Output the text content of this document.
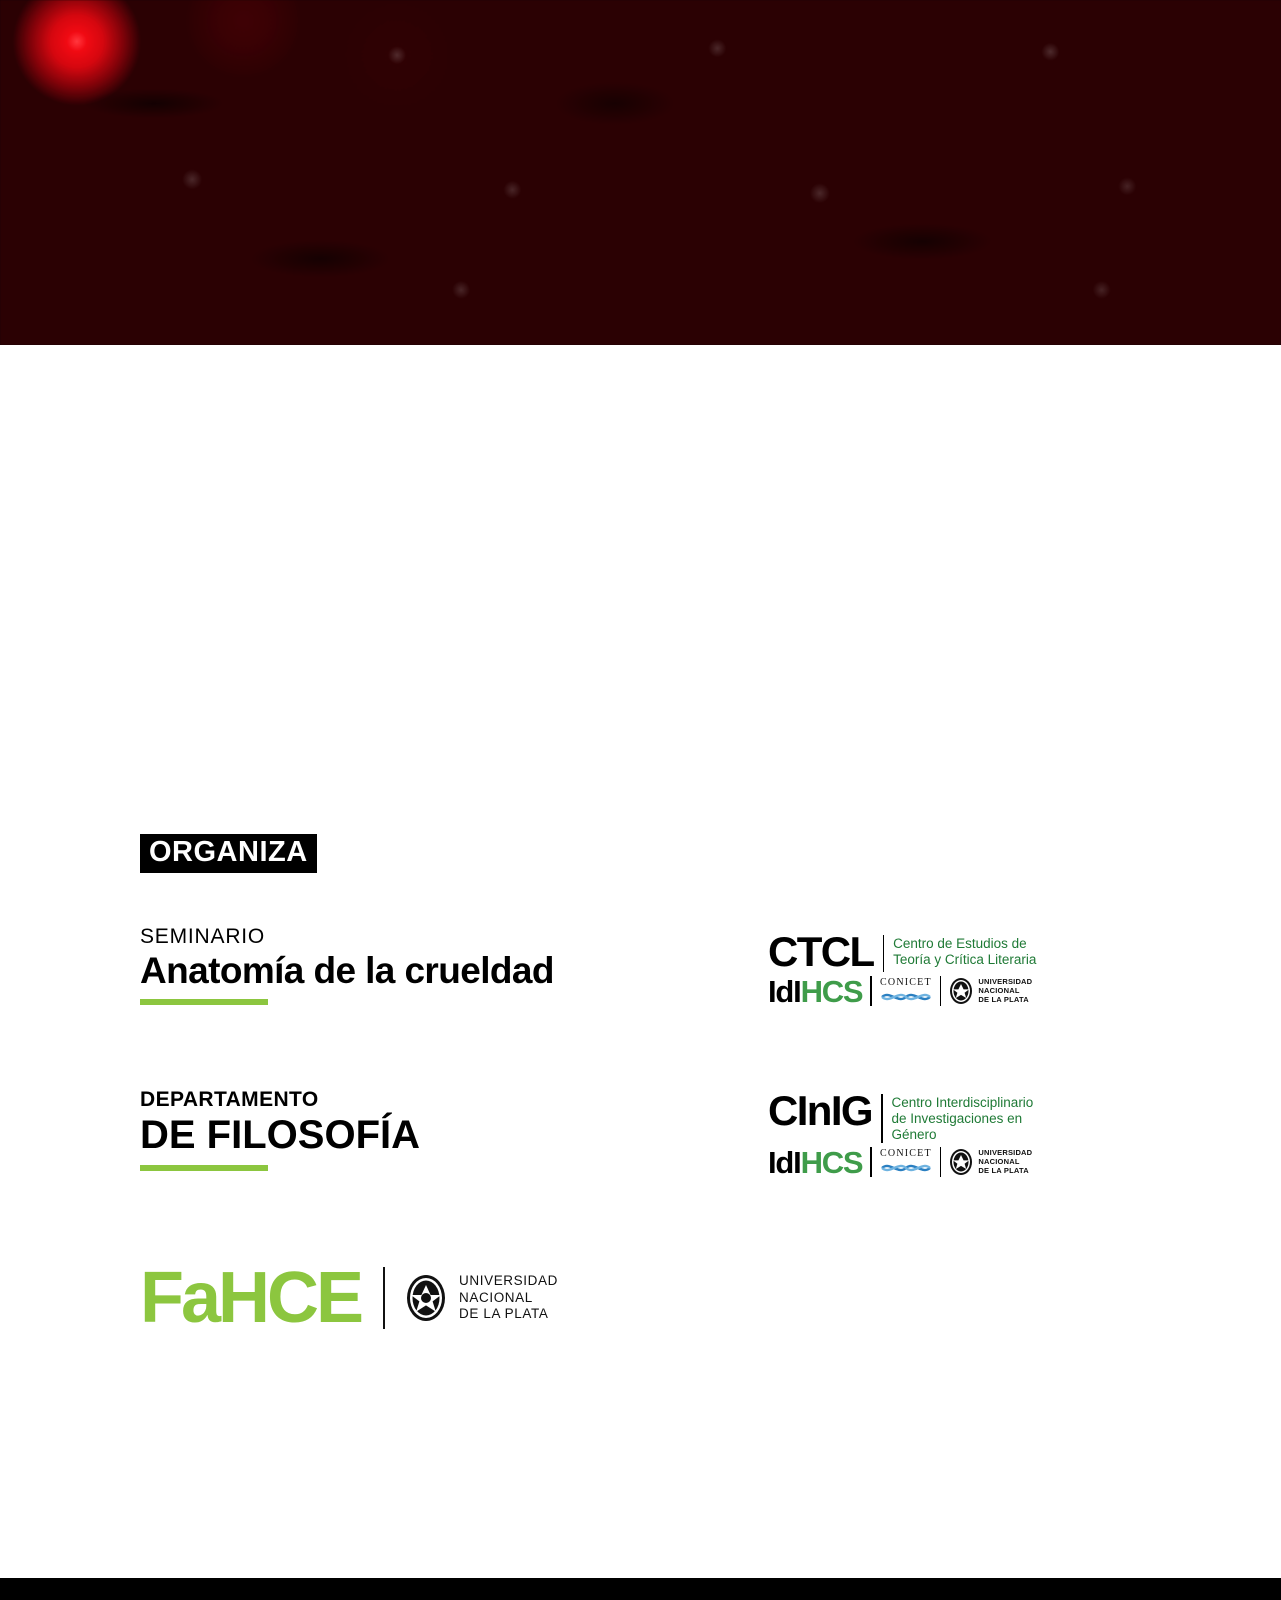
ORGANIZA
SEMINARIO
Anatomía de la crueldad
DEPARTAMENTO
DE FILOSOFÍA
CTCL Centro de Estudios de Teoría y Crítica Literaria
IdIHCS CONICET	UNIVERSIDAD
NACIONAL
DE LA PLATA
CInIG Centro Interdisciplinario de Investigaciones en Género
IdIHCS CONICET	UNIVERSIDAD
NACIONAL
DE LA PLATA
FaHCE	UNIVERSIDAD
NACIONAL
DE LA PLATA
